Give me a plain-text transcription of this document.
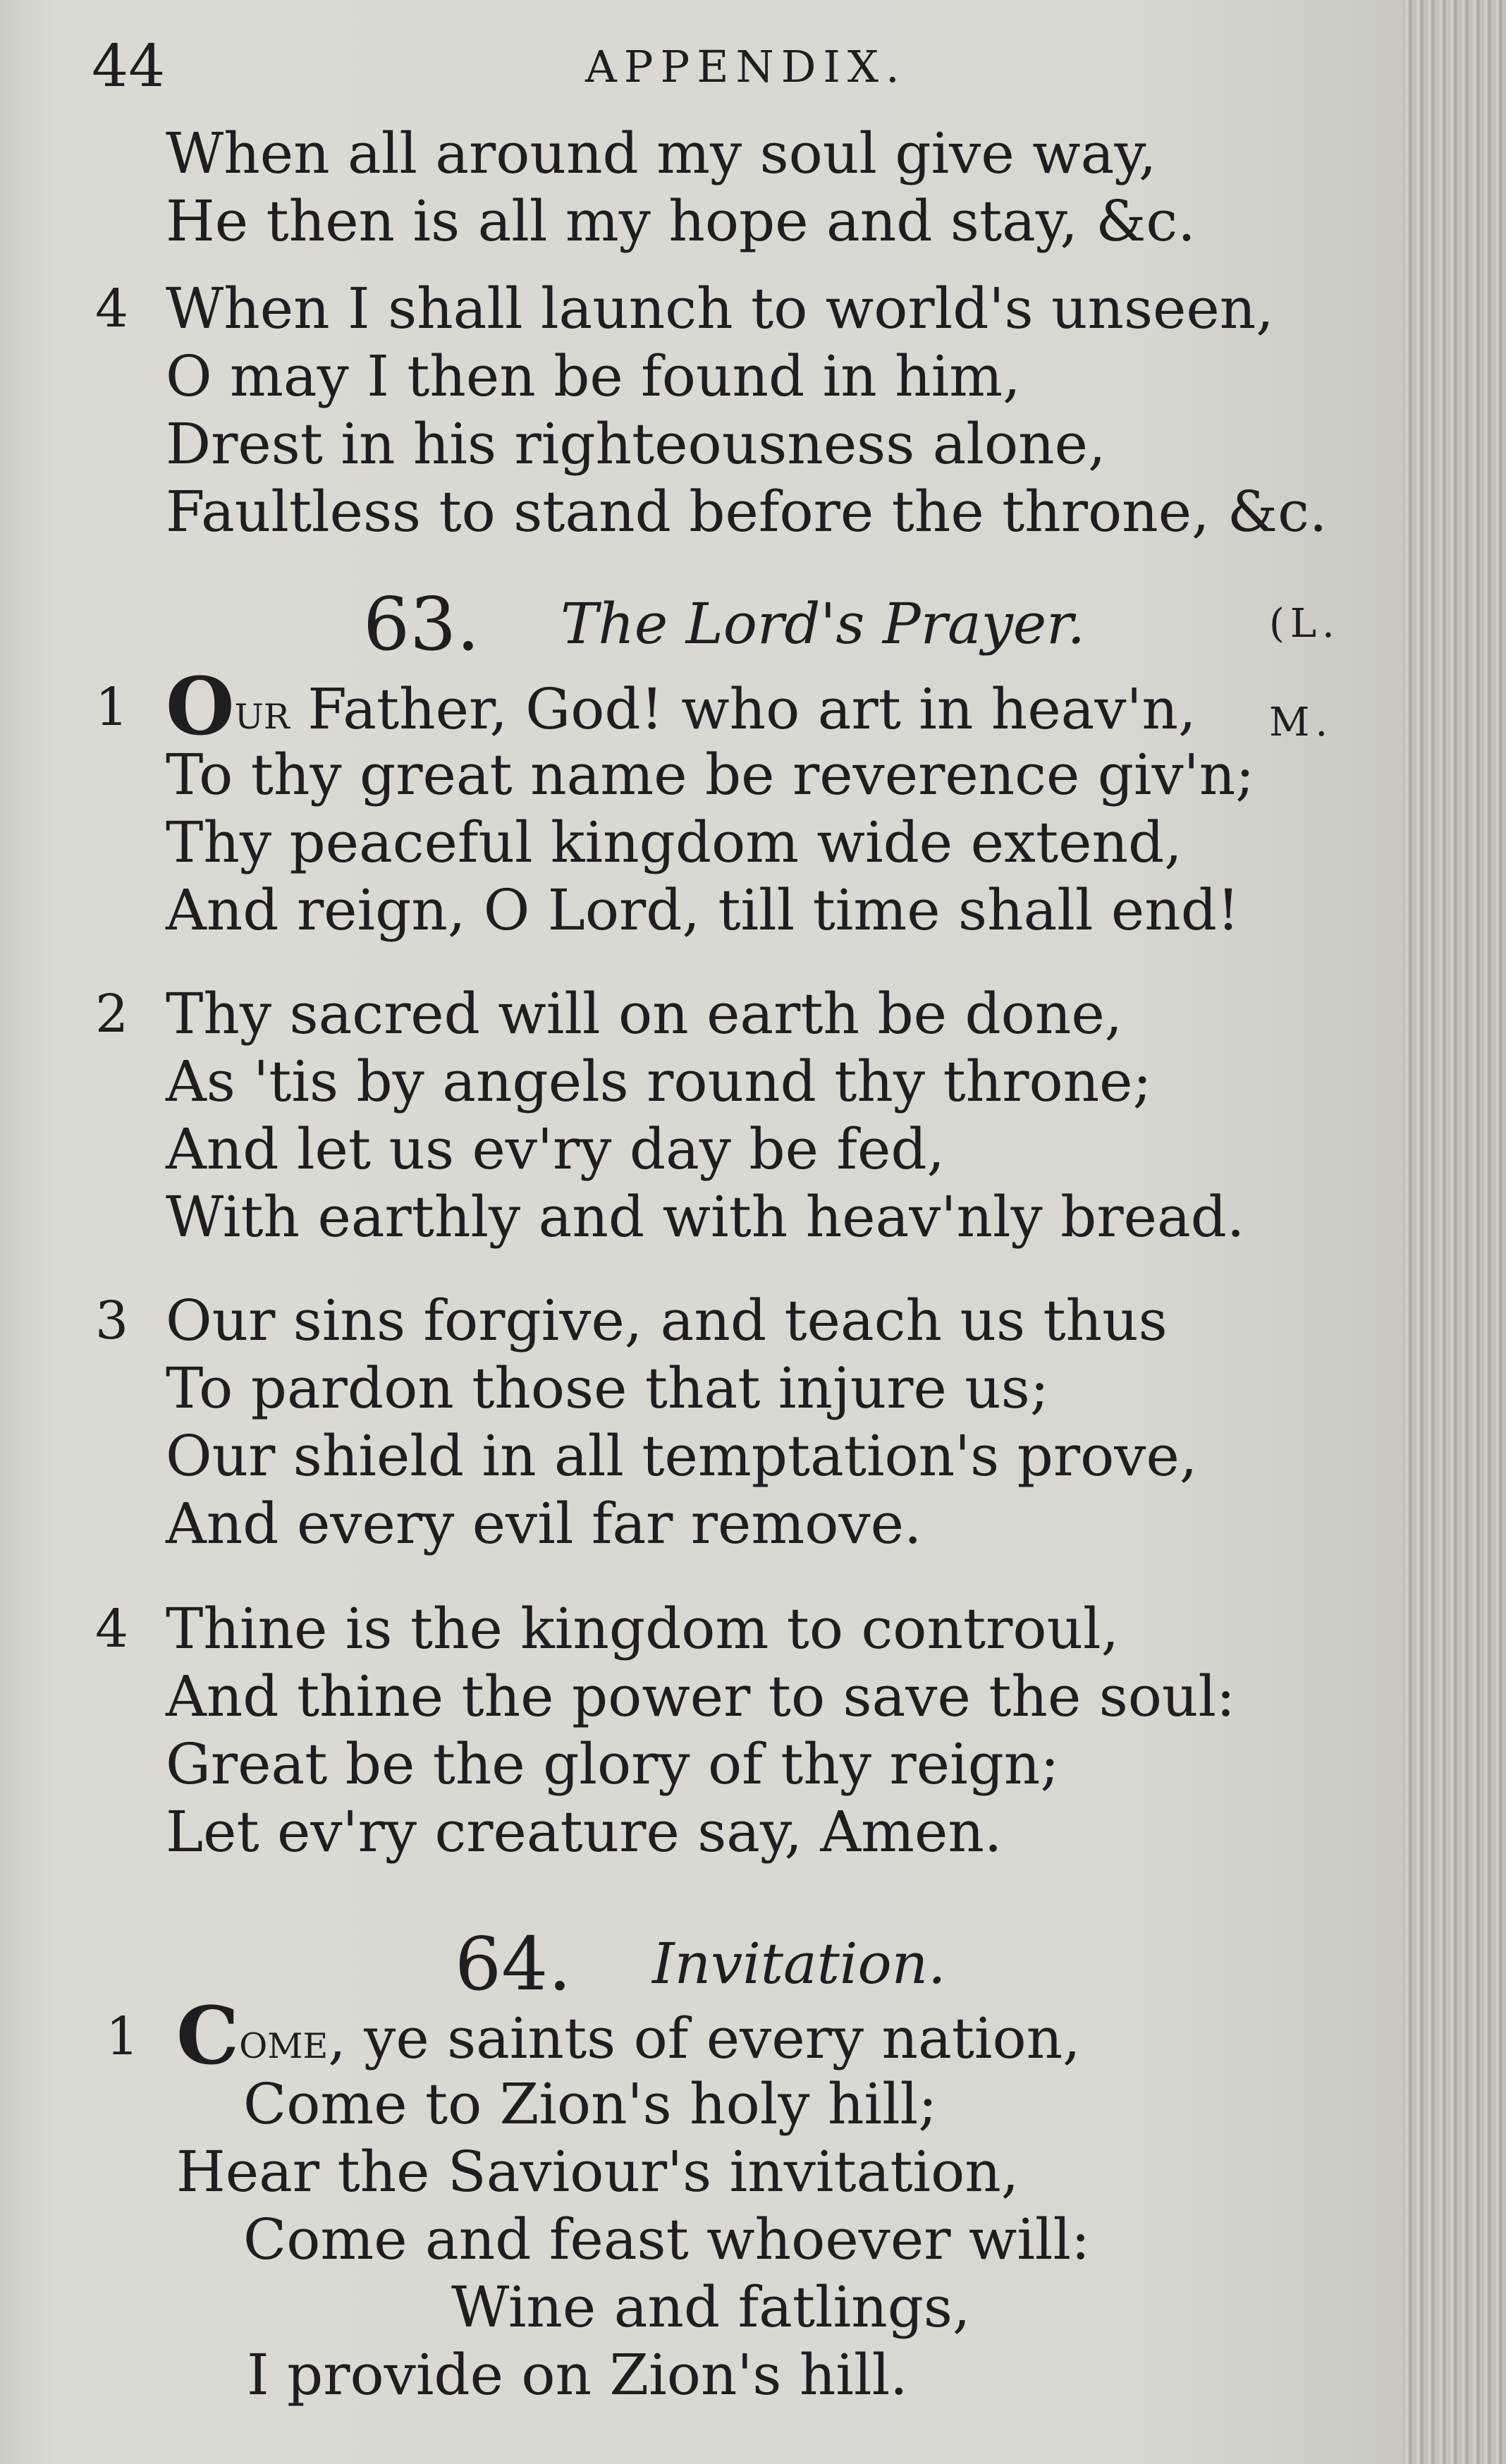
44	APPENDIX.
When all around my soul give way,
He then is all my hope and stay, &c.
4 When I shall launch to world's unseen,
O may I then be found in him,
Drest in his righteousness alone,
Faultless to stand before the throne, &c.
63. The Lord's Prayer.	(L. M.
1 Our Father, God! who art in heav'n,
To thy great name be reverence giv'n;
Thy peaceful kingdom wide extend,
And reign, O Lord, till time shall end!
2 Thy sacred will on earth be done,
As 'tis by angels round thy throne;
And let us ev'ry day be fed,
With earthly and with heav'nly bread.
3 Our sins forgive, and teach us thus
To pardon those that injure us;
Our shield in all temptation's prove,
And every evil far remove.
4 Thine is the kingdom to controul,
And thine the power to save the soul:
Great be the glory of thy reign;
Let ev'ry creature say, Amen.
64. Invitation.
1 Come, ye saints of every nation,
Come to Zion's holy hill;
Hear the Saviour's invitation,
Come and feast whoever will:
Wine and fatlings,
I provide on Zion's hill.
